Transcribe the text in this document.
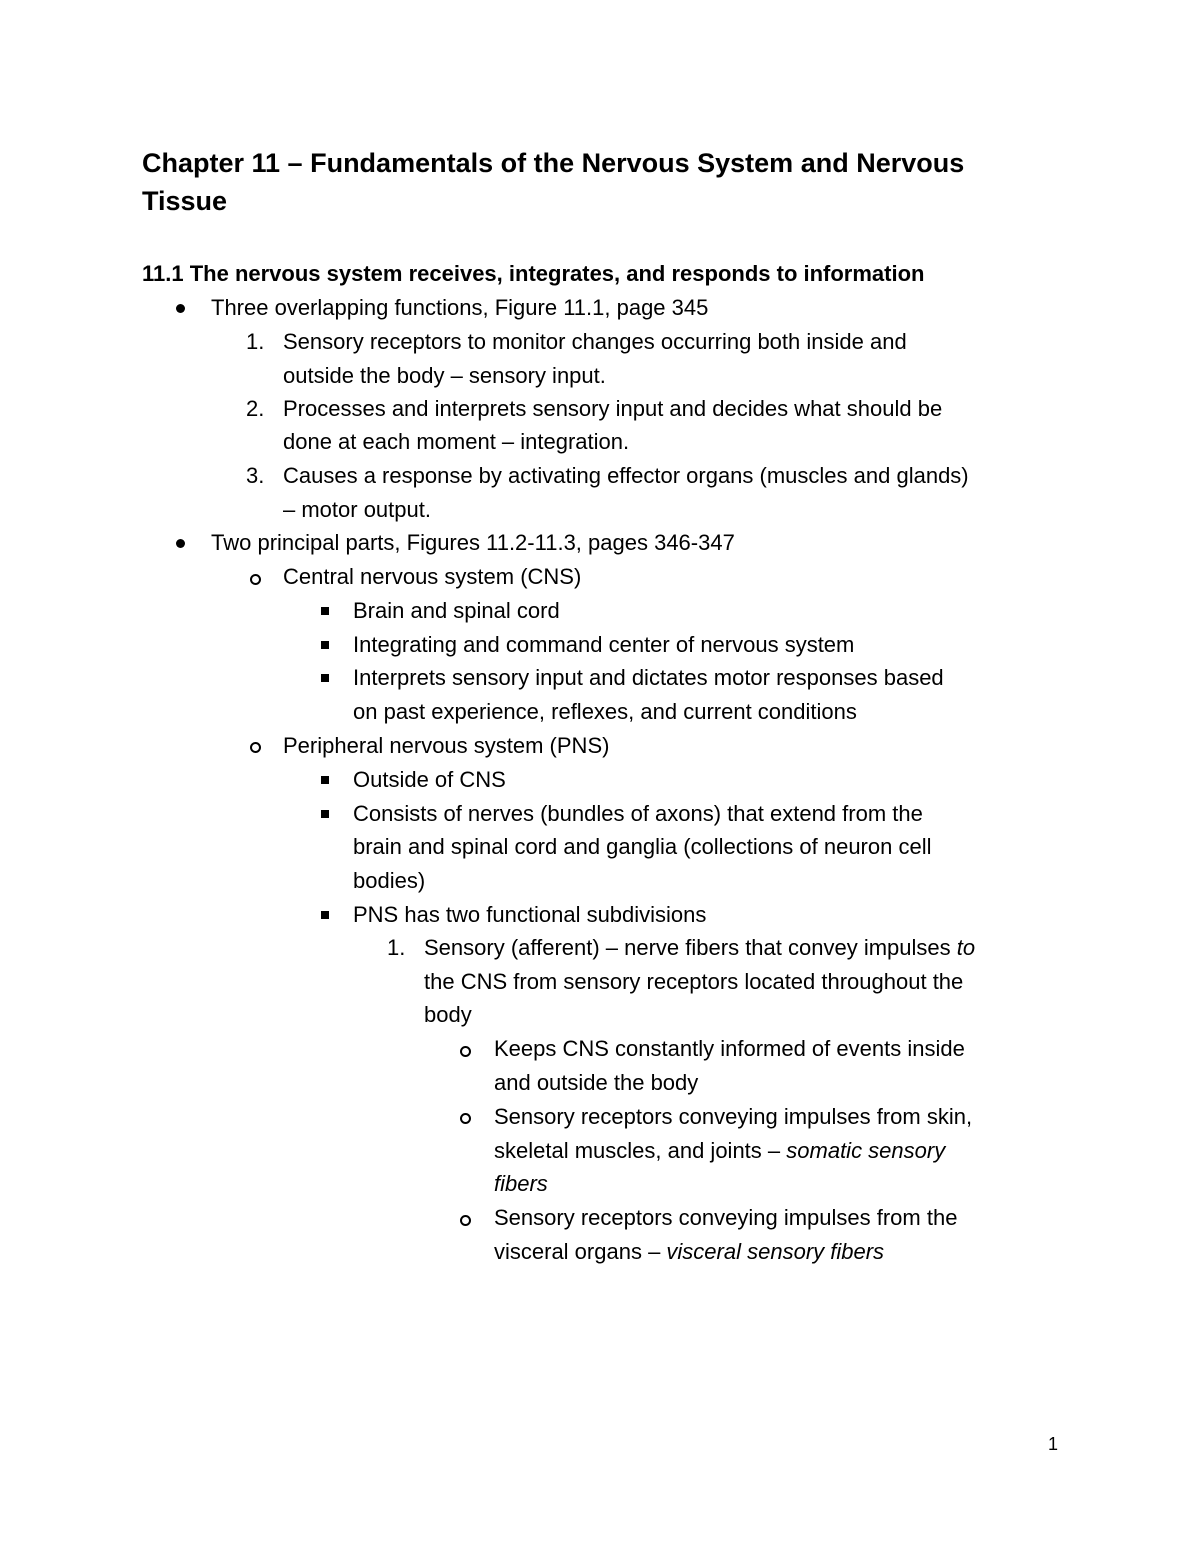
Chapter 11 – Fundamentals of the Nervous System and Nervous Tissue
11.1 The nervous system receives, integrates, and responds to information

Three overlapping functions, Figure 11.1, page 345

1. Sensory receptors to monitor changes occurring both inside and

outside the body – sensory input.

2. Processes and interprets sensory input and decides what should be

done at each moment – integration.

3. Causes a response by activating effector organs (muscles and glands)

– motor output.

Two principal parts, Figures 11.2-11.3, pages 346-347

Central nervous system (CNS)

Brain and spinal cord

Integrating and command center of nervous system

Interprets sensory input and dictates motor responses based

on past experience, reflexes, and current conditions

Peripheral nervous system (PNS)

Outside of CNS

Consists of nerves (bundles of axons) that extend from the

brain and spinal cord and ganglia (collections of neuron cell

bodies)

PNS has two functional subdivisions

1. Sensory (afferent) – nerve fibers that convey impulses to

the CNS from sensory receptors located throughout the

body

Keeps CNS constantly informed of events inside

and outside the body

Sensory receptors conveying impulses from skin,

skeletal muscles, and joints – somatic sensory

fibers

Sensory receptors conveying impulses from the

visceral organs – visceral sensory fibers

1
